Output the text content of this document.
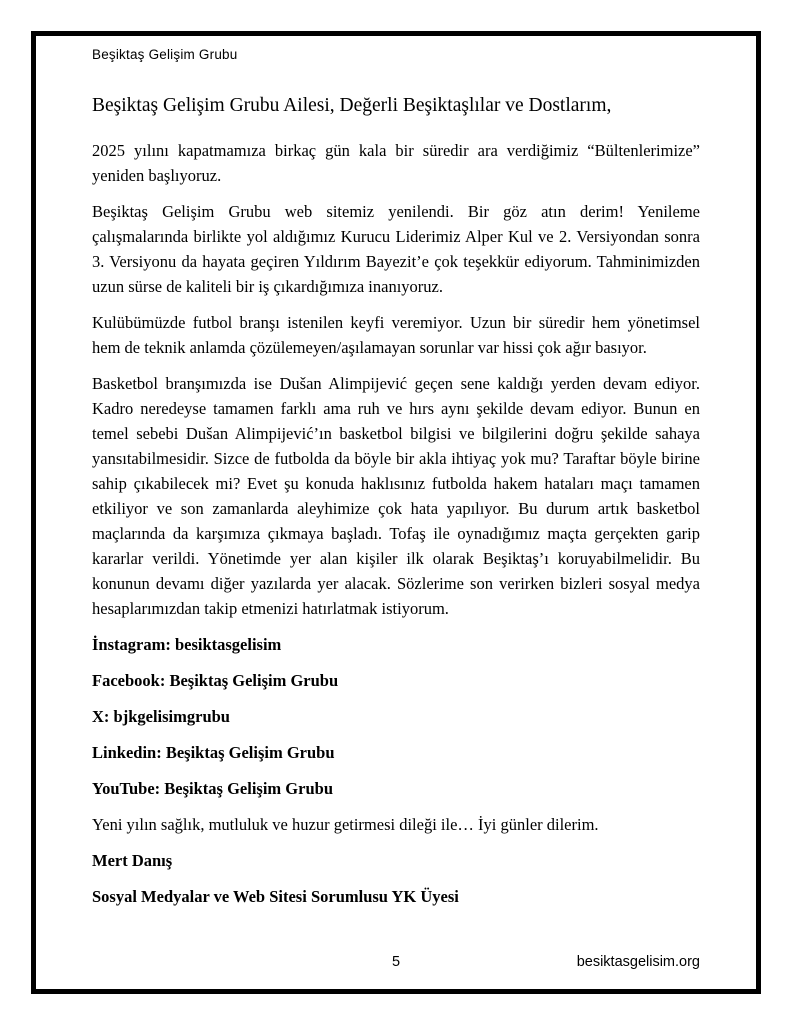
Beşiktaş Gelişim Grubu
Beşiktaş Gelişim Grubu Ailesi, Değerli Beşiktaşlılar ve Dostlarım,

2025 yılını kapatmamıza birkaç gün kala bir süredir ara verdiğimiz “Bültenlerimize” yeniden başlıyoruz.

Beşiktaş Gelişim Grubu web sitemiz yenilendi. Bir göz atın derim! Yenileme çalışmalarında birlikte yol aldığımız Kurucu Liderimiz Alper Kul ve 2. Versiyondan sonra 3. Versiyonu da hayata geçiren Yıldırım Bayezit’e çok teşekkür ediyorum. Tahminimizden uzun sürse de kaliteli bir iş çıkardığımıza inanıyoruz.

Kulübümüzde futbol branşı istenilen keyfi veremiyor. Uzun bir süredir hem yönetimsel hem de teknik anlamda çözülemeyen/aşılamayan sorunlar var hissi çok ağır basıyor.

Basketbol branşımızda ise Dušan Alimpijević geçen sene kaldığı yerden devam ediyor. Kadro neredeyse tamamen farklı ama ruh ve hırs aynı şekilde devam ediyor. Bunun en temel sebebi Dušan Alimpijević’ın basketbol bilgisi ve bilgilerini doğru şekilde sahaya yansıtabilmesidir. Sizce de futbolda da böyle bir akla ihtiyaç yok mu? Taraftar böyle birine sahip çıkabilecek mi? Evet şu konuda haklısınız futbolda hakem hataları maçı tamamen etkiliyor ve son zamanlarda aleyhimize çok hata yapılıyor. Bu durum artık basketbol maçlarında da karşımıza çıkmaya başladı. Tofaş ile oynadığımız maçta gerçekten garip kararlar verildi. Yönetimde yer alan kişiler ilk olarak Beşiktaş’ı koruyabilmelidir. Bu konunun devamı diğer yazılarda yer alacak. Sözlerime son verirken bizleri sosyal medya hesaplarımızdan takip etmenizi hatırlatmak istiyorum.

İnstagram: besiktasgelisim

Facebook: Beşiktaş Gelişim Grubu

X: bjkgelisimgrubu

Linkedin: Beşiktaş Gelişim Grubu

YouTube: Beşiktaş Gelişim Grubu

Yeni yılın sağlık, mutluluk ve huzur getirmesi dileği ile… İyi günler dilerim.

Mert Danış

Sosyal Medyalar ve Web Sitesi Sorumlusu YK Üyesi

5	besiktasgelisim.org
